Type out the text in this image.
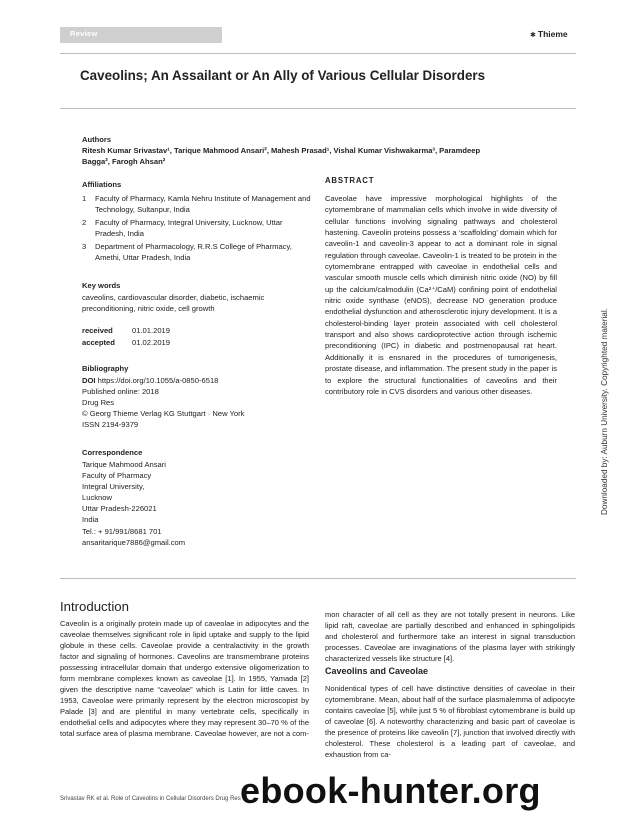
Review	✱ Thieme
Caveolins; An Assailant or An Ally of Various Cellular Disorders
Authors
Ritesh Kumar Srivastav¹, Tarique Mahmood Ansari², Mahesh Prasad¹, Vishal Kumar Vishwakarma³, Paramdeep Bagga², Farogh Ahsan²
Affiliations
1 Faculty of Pharmacy, Kamla Nehru Institute of Management and Technology, Sultanpur, India
2 Faculty of Pharmacy, Integral University, Lucknow, Uttar Pradesh, India
3 Department of Pharmacology, R.R.S College of Pharmacy, Amethi, Uttar Pradesh, India
Key words
caveolins, cardiovascular disorder, diabetic, ischaemic preconditioning, nitric oxide, cell growth
received	01.01.2019
accepted 01.02.2019
Bibliography
DOI https://doi.org/10.1055/a-0850-6518
Published online: 2018
Drug Res
© Georg Thieme Verlag KG Stuttgart · New York
ISSN 2194-9379
Correspondence
Tarique Mahmood Ansari
Faculty of Pharmacy
Integral University,
Lucknow
Uttar Pradesh-226021
India
Tel.: + 91/991/8681 701
ansaritarique7886@gmail.com
ABSTRACT
Caveolae have impressive morphological highlights of the cytomembrane of mammalian cells which involve in wide diversity of cellular functions involving signaling pathways and cholesterol hastening. Caveolin proteins possess a ‘scaffolding’ domain which for caveolin-1 and caveolin-3 appear to act a dominant role in signal regulation through caveolae. Caveolin-1 is treated to be protein in the cytomembrane entrapped with caveolae in endothelial cells and vascular smooth muscle cells which diminish nitric oxide (NO) by fill up the calcium/calmodulin (Ca²⁺/CaM) confining point of endothelial nitric oxide synthase (eNOS), decrease NO generation produce endothelial dysfunction and atherosclerotic injury development. It is a cholesterol-binding layer protein associated with cell cholesterol transport and also shows cardioprotective action through ischemic preconditioning (IPC) in diabetic and postmenopausal rat heart. Additionally it is ensnared in the procedures of tumorigenesis, prostate disease, and inflammation. The present study in the paper is to explore the structural functionalities of caveolins and their contributory role in CVS disorders and various other diseases.	Downloaded by: Auburn University. Copyrighted material.
Introduction
Caveolin is a originally protein made up of caveolae in adipocytes and the caveolae themselves significant role in lipid uptake and supply to the lipid globule in these cells. Caveolae provide a centralactivity in the growth factor and signaling of hormones. Caveolins are transmembrane proteins possessing intracellular domain that undergo extensive oligomerization to form membrane complexes known as caveolae [1]. In 1955, Yamada [2] given the descriptive name “caveolae” which is Latin for little caves. In 1953, Caveolae were primarily represent by the electron microscopist by Palade [3] and are plentiful in many vertebrate cells, specifically in endothelial cells and adipocytes where they may represent 30–70 % of the total surface area of plasma membrane. Caveolae however, are not a com-
mon character of all cell as they are not totally present in neurons. Like lipid raft, caveolae are partially described and enhanced in sphingolipids and cholesterol and furthermore take an interest in signal transduction processes. Caveolae are invaginations of the plasma layer with strikingly characterized vessels like structure [4].
Caveolins and Caveolae
Nonidentical types of cell have distinctive densities of caveolae in their cytomembrane. Mean, about half of the surface plasmalemma of adipocyte contains caveolae [5], while just 5 % of fibroblast cytomembrane is build up of caveolae [6]. A noteworthy characterizing and basic part of caveolae is the presence of proteins like caveolin [7], junction that involved directly with cholesterol. These cholesterol is a leading part of caveolae, and exhaustion from ca-
Srivastav RK et al. Role of Caveolins in Cellular Disorders Drug Res ebook-hunter.org
